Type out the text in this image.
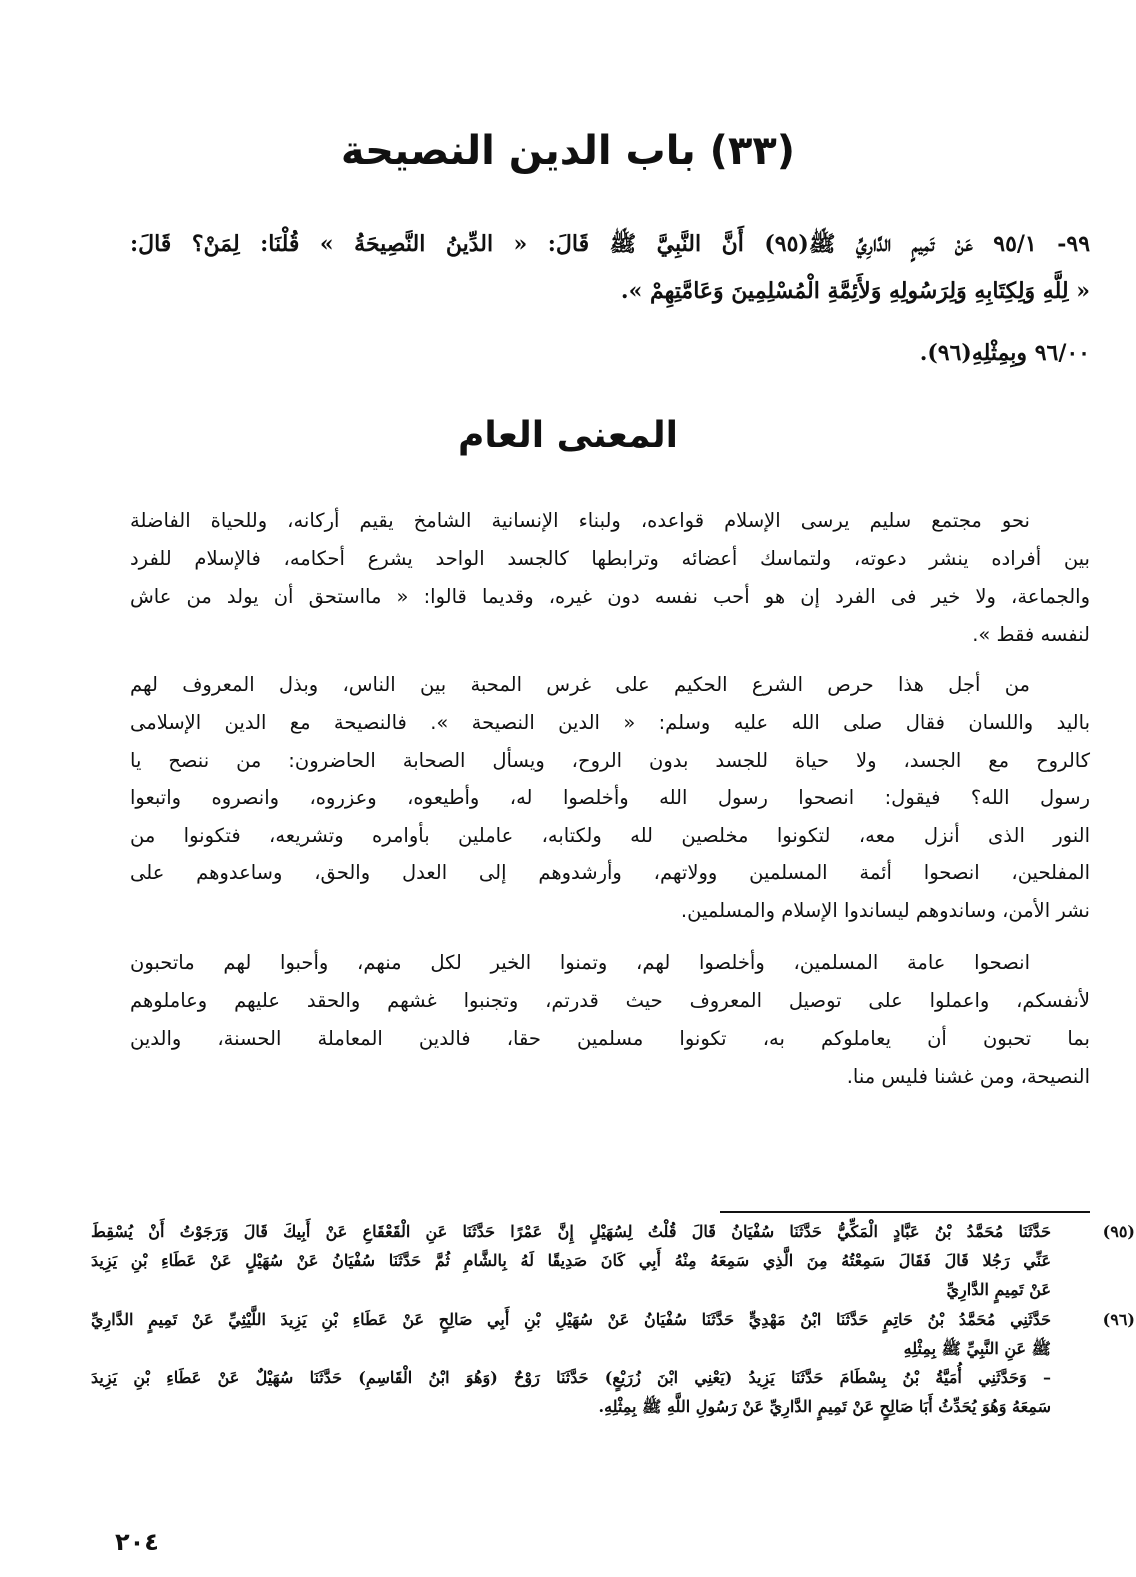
(٣٣) باب الدين النصيحة
٩٩- ٩٥/١ عَنْ تَمِيمٍ الدَّارِيِّ ﷺ(٩٥) أَنَّ النَّبِيَّ ﷺ قَالَ: « الدِّينُ النَّصِيحَةُ » قُلْنَا: لِمَنْ؟ قَالَ:
« لِلَّهِ وَلِكِتَابِهِ وَلِرَسُولِهِ وَلأَئِمَّةِ الْمُسْلِمِينَ وَعَامَّتِهِمْ ».
٩٦/٠٠ وبِمِثْلِهِ(٩٦).
المعنى العام
نحو مجتمع سليم يرسى الإسلام قواعده، ولبناء الإنسانية الشامخ يقيم أركانه، وللحياة الفاضلة
بين أفراده ينشر دعوته، ولتماسك أعضائه وترابطها كالجسد الواحد يشرع أحكامه، فالإسلام للفرد
والجماعة، ولا خير فى الفرد إن هو أحب نفسه دون غيره، وقديما قالوا: « مااستحق أن يولد من عاش
لنفسه فقط ».
من أجل هذا حرص الشرع الحكيم على غرس المحبة بين الناس، وبذل المعروف لهم
باليد واللسان فقال صلى الله عليه وسلم: « الدين النصيحة ». فالنصيحة مع الدين الإسلامى
كالروح مع الجسد، ولا حياة للجسد بدون الروح، ويسأل الصحابة الحاضرون: من ننصح يا
رسول الله؟ فيقول: انصحوا رسول الله وأخلصوا له، وأطيعوه، وعزروه، وانصروه واتبعوا
النور الذى أنزل معه، لتكونوا مخلصين لله ولكتابه، عاملين بأوامره وتشريعه، فتكونوا من
المفلحين، انصحوا أئمة المسلمين وولاتهم، وأرشدوهم إلى العدل والحق، وساعدوهم على
نشر الأمن، وساندوهم ليساندوا الإسلام والمسلمين.
انصحوا عامة المسلمين، وأخلصوا لهم، وتمنوا الخير لكل منهم، وأحبوا لهم ماتحبون
لأنفسكم، واعملوا على توصيل المعروف حيث قدرتم، وتجنبوا غشهم والحقد عليهم وعاملوهم
بما تحبون أن يعاملوكم به، تكونوا مسلمين حقا، فالدين المعاملة الحسنة، والدين
النصيحة، ومن غشنا فليس منا.
(٩٥)
حَدَّثَنَا مُحَمَّدُ بْنُ عَبَّادٍ الْمَكِّيُّ حَدَّثَنَا سُفْيَانُ قَالَ قُلْتُ لِسُهَيْلٍ إِنَّ عَمْرًا حَدَّثَنَا عَنِ الْقَعْقَاعِ عَنْ أَبِيكَ قَالَ وَرَجَوْتُ أَنْ يُسْقِطَ
عَنِّي رَجُلا قَالَ فَقَالَ سَمِعْتُهُ مِنَ الَّذِي سَمِعَهُ مِنْهُ أَبِي كَانَ صَدِيقًا لَهُ بِالشَّامِ ثُمَّ حَدَّثَنَا سُفْيَانُ عَنْ سُهَيْلٍ عَنْ عَطَاءِ بْنِ يَزِيدَ
عَنْ تَمِيمٍ الدَّارِيِّ
(٩٦)
حَدَّثَنِي مُحَمَّدُ بْنُ حَاتِمٍ حَدَّثَنَا ابْنُ مَهْدِيٍّ حَدَّثَنَا سُفْيَانُ عَنْ سُهَيْلِ بْنِ أَبِي صَالِحٍ عَنْ عَطَاءِ بْنِ يَزِيدَ اللَّيْثِيِّ عَنْ تَمِيمٍ الدَّارِيِّ
ﷺ عَنِ النَّبِيِّ ﷺ بِمِثْلِهِ
– وَحَدَّثَنِي أُمَيَّةُ بْنُ بِسْطَامَ حَدَّثَنَا يَزِيدُ (يَعْنِي ابْنَ زُرَيْعٍ) حَدَّثَنَا رَوْحٌ (وَهُوَ ابْنُ الْقَاسِمِ) حَدَّثَنَا سُهَيْلٌ عَنْ عَطَاءِ بْنِ يَزِيدَ
سَمِعَهُ وَهُوَ يُحَدِّثُ أَبَا صَالِحٍ عَنْ تَمِيمٍ الدَّارِيِّ عَنْ رَسُولِ اللَّهِ ﷺ بِمِثْلِهِ.
٢٠٤
